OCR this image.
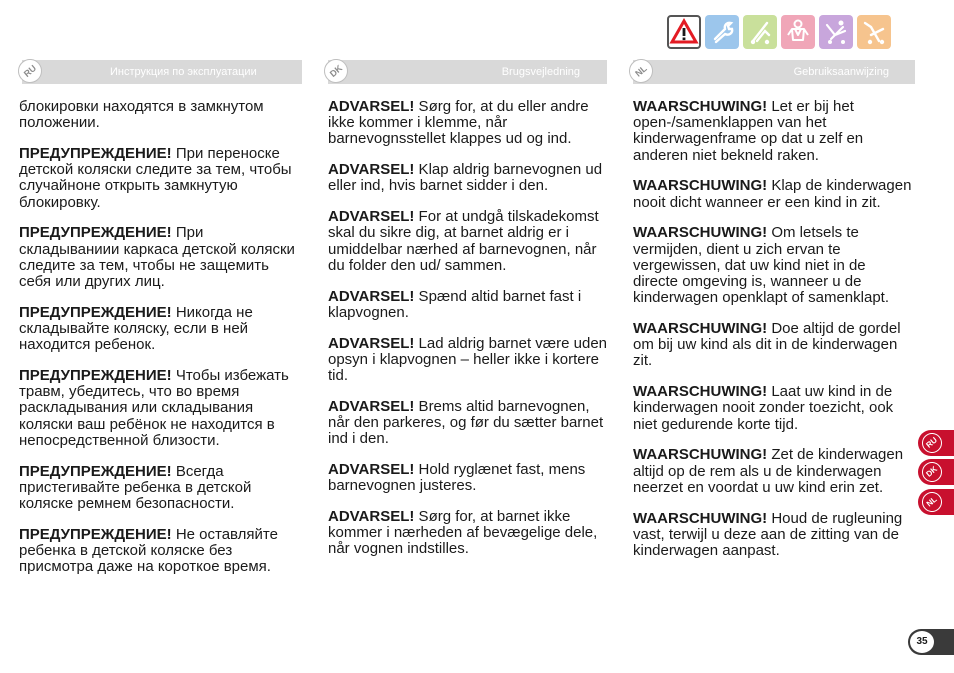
RU	Инструкция по эксплуатации	DK	Brugsvejledning	NL	Gebruiksaanwijzing

блокировки находятся в замкнутом положении.

ПРЕДУПРЕЖДЕНИЕ! При переноске детской коляски следите за тем, чтобы случайноне открыть замкнутую блокировку.

ПРЕДУПРЕЖДЕНИЕ! При складываниии каркаса детской коляски следите за тем, чтобы не защемить себя или других лиц.

ПРЕДУПРЕЖДЕНИЕ! Никогда не складывайте коляску, если в ней находится ребенок.

ПРЕДУПРЕЖДЕНИЕ! Чтобы избежать травм, убедитесь, что во время раскладывания или складывания коляски ваш ребёнок не находится в непосредственной близости.

ПРЕДУПРЕЖДЕНИЕ! Всегда пристегивайте ребенка в детской коляске ремнем безопасности.

ПРЕДУПРЕЖДЕНИЕ! Не оставляйте ребенка в детской коляске без присмотра даже на короткое время.

ADVARSEL! Sørg for, at du eller andre ikke kommer i klemme, når barnevognsstellet klappes ud og ind.

ADVARSEL! Klap aldrig barnevognen ud eller ind, hvis barnet sidder i den.

ADVARSEL! For at undgå tilskadekomst skal du sikre dig, at barnet aldrig er i umiddelbar nærhed af barnevognen, når du folder den ud/ sammen.

ADVARSEL! Spænd altid barnet fast i klapvognen.

ADVARSEL! Lad aldrig barnet være uden opsyn i klapvognen – heller ikke i kortere tid.

ADVARSEL! Brems altid barnevognen, når den parkeres, og før du sætter barnet ind i den.

ADVARSEL! Hold ryglænet fast, mens barnevognen justeres.

ADVARSEL! Sørg for, at barnet ikke kommer i nærheden af bevægelige dele, når vognen indstilles.

WAARSCHUWING! Let er bij het open-/samenklappen van het kinderwagenframe op dat u zelf en anderen niet bekneld raken.

WAARSCHUWING! Klap de kinderwagen nooit dicht wanneer er een kind in zit.

WAARSCHUWING! Om letsels te vermijden, dient u zich ervan te vergewissen, dat uw kind niet in de directe omgeving is, wanneer u de kinderwagen openklapt of samenklapt.

WAARSCHUWING! Doe altijd de gordel om bij uw kind als dit in de kinderwagen zit.

WAARSCHUWING! Laat uw kind in de kinderwagen nooit zonder toezicht, ook niet gedurende korte tijd.

WAARSCHUWING! Zet de kinderwagen altijd op de rem als u de kinderwagen neerzet en voordat u uw kind erin zet.

WAARSCHUWING! Houd de rugleuning vast, terwijl u deze aan de zitting van de kinderwagen aanpast.

RU
DK
NL
35
